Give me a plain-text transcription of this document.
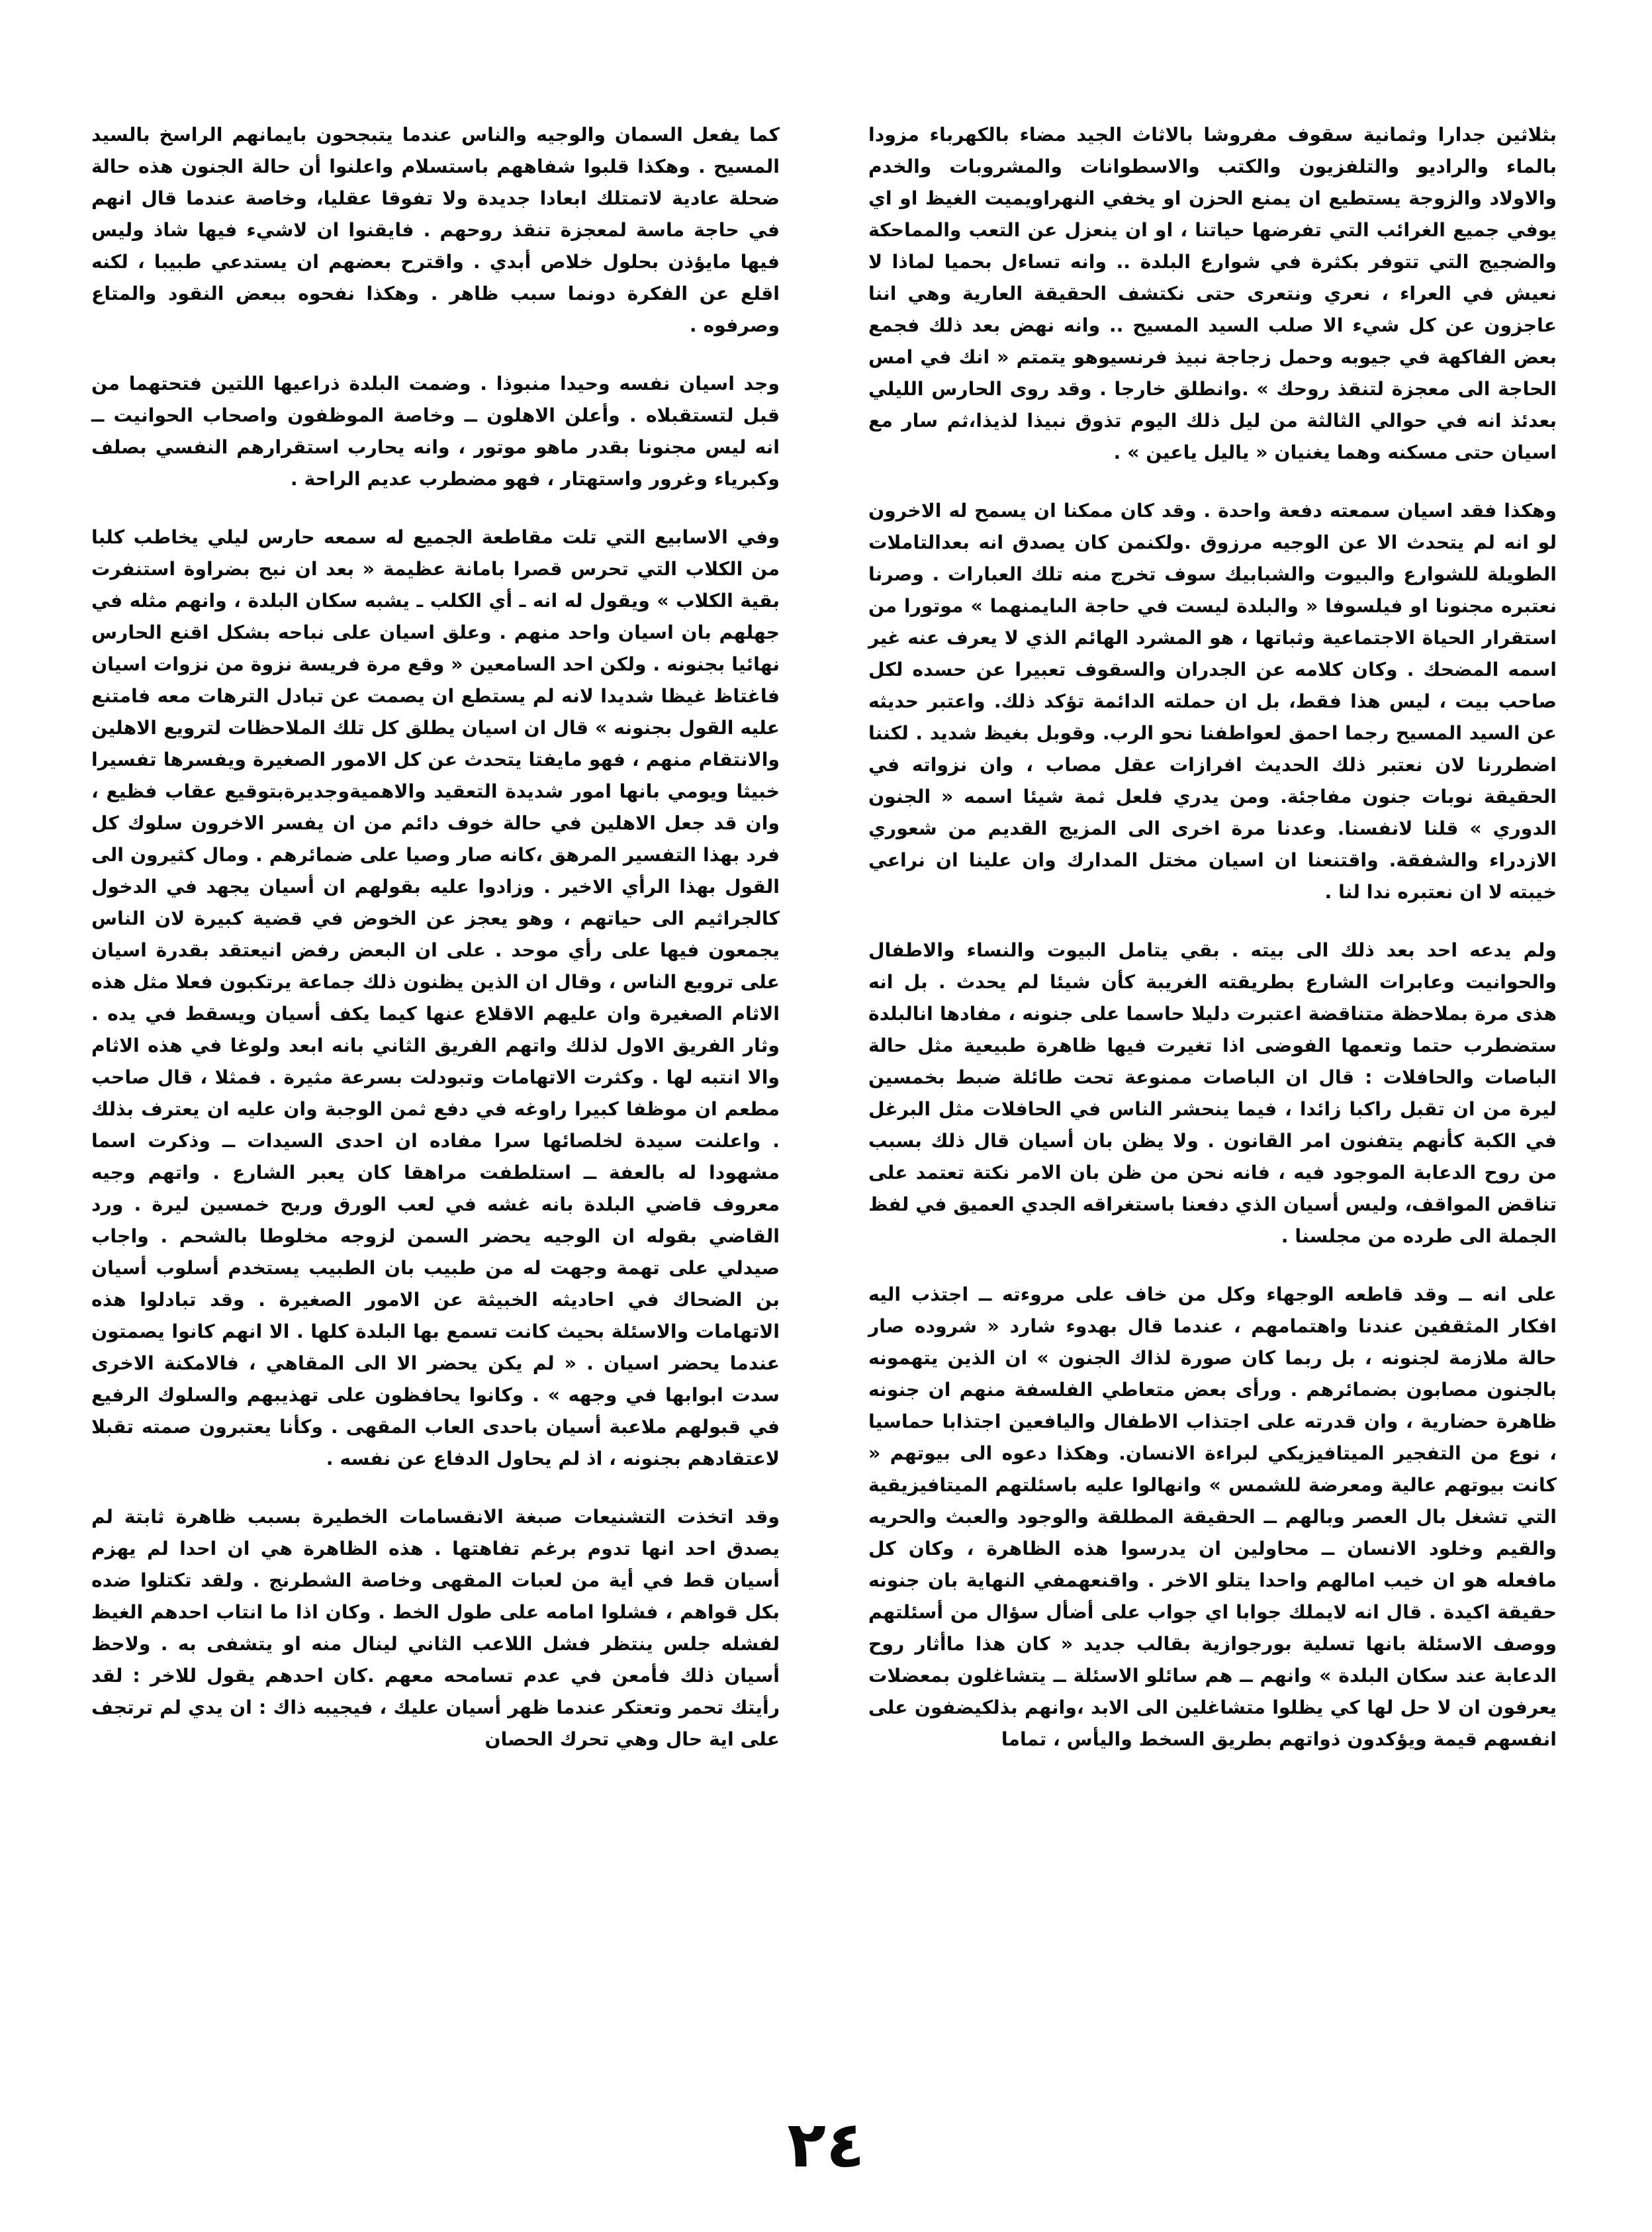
بثلاثين جدارا وثمانية سقوف مفروشا بالاثاث الجيد مضاء بالكهرباء مزودا بالماء والراديو والتلفزيون والكتب والاسطوانات والمشروبات والخدم والاولاد والزوجة يستطيع ان يمنع الحزن او يخفي النهراويميت الغيظ او اي يوفي جميع الغرائب التي تفرضها حياتنا ، او ان ينعزل عن التعب والمماحكة والضجيج التي تتوفر بكثرة في شوارع البلدة .. وانه تساءل بحميا لماذا لا نعيش في العراء ، نعري ونتعرى حتى نكتشف الحقيقة العارية وهي اننا عاجزون عن كل شيء الا صلب السيد المسيح .. وانه نهض بعد ذلك فجمع بعض الفاكهة في جيوبه وحمل زجاجة نبيذ فرنسيوهو يتمتم « انك في امس الحاجة الى معجزة لتنقذ روحك » .وانطلق خارجا . وقد روى الحارس الليلي بعدئذ انه في حوالي الثالثة من ليل ذلك اليوم تذوق نبيذا لذيذا،ثم سار مع اسيان حتى مسكنه وهما يغنيان « ياليل ياعين » .

وهكذا فقد اسيان سمعته دفعة واحدة . وقد كان ممكنا ان يسمح له الاخرون لو انه لم يتحدث الا عن الوجيه مرزوق .ولكنمن كان يصدق انه بعدالتاملات الطويلة للشوارع والبيوت والشبابيك سوف تخرج منه تلك العبارات . وصرنا نعتبره مجنونا او فيلسوفا « والبلدة ليست في حاجة الىايمنهما » موتورا من استقرار الحياة الاجتماعية وثباتها ، هو المشرد الهائم الذي لا يعرف عنه غير اسمه المضحك . وكان كلامه عن الجدران والسقوف تعبيرا عن حسده لكل صاحب بيت ، ليس هذا فقط، بل ان حملته الدائمة تؤكد ذلك. واعتبر حديثه عن السيد المسيح رجما احمق لعواطفنا نحو الرب. وقوبل بغيظ شديد . لكننا اضطررنا لان نعتبر ذلك الحديث افرازات عقل مصاب ، وان نزواته في الحقيقة نوبات جنون مفاجئة. ومن يدري فلعل ثمة شيئا اسمه « الجنون الدوري » قلنا لانفسنا. وعدنا مرة اخرى الى المزيج القديم من شعوري الازدراء والشفقة. واقتنعنا ان اسيان مختل المدارك وان علينا ان نراعي خيبته لا ان نعتبره ندا لنا .

ولم يدعه احد بعد ذلك الى بيته . بقي يتامل البيوت والنساء والاطفال والحوانيت وعابرات الشارع بطريقته الغريبة كأن شيئا لم يحدث . بل انه هذى مرة بملاحظة متناقضة اعتبرت دليلا حاسما على جنونه ، مفادها انالبلدة ستضطرب حتما وتعمها الفوضى اذا تغيرت فيها ظاهرة طبيعية مثل حالة الباصات والحافلات : قال ان الباصات ممنوعة تحت طائلة ضبط بخمسين ليرة من ان تقبل راكبا زائدا ، فيما ينحشر الناس في الحافلات مثل البرغل في الكبة كأنهم يتفنون امر القانون . ولا يظن بان أسيان قال ذلك بسبب من روح الدعابة الموجود فيه ، فانه نحن من ظن بان الامر نكتة تعتمد على تناقض المواقف، وليس أسيان الذي دفعنا باستغراقه الجدي العميق في لفظ الجملة الى طرده من مجلسنا .

على انه ــ وقد قاطعه الوجهاء وكل من خاف على مروءته ــ اجتذب اليه افكار المثقفين عندنا واهتمامهم ، عندما قال بهدوء شارد « شروده صار حالة ملازمة لجنونه ، بل ربما كان صورة لذاك الجنون » ان الذين يتهمونه بالجنون مصابون بضمائرهم . ورأى بعض متعاطي الفلسفة منهم ان جنونه ظاهرة حضارية ، وان قدرته على اجتذاب الاطفال واليافعين اجتذابا حماسيا ، نوع من التفجير الميتافيزيكي لبراءة الانسان. وهكذا دعوه الى بيوتهم « كانت بيوتهم عالية ومعرضة للشمس » وانهالوا عليه باسئلتهم الميتافيزيقية التي تشغل بال العصر وبالهم ــ الحقيقة المطلقة والوجود والعبث والحريه والقيم وخلود الانسان ــ محاولين ان يدرسوا هذه الظاهرة ، وكان كل مافعله هو ان خيب امالهم واحدا يتلو الاخر . واقنعهمفي النهاية بان جنونه حقيقة اكيدة . قال انه لايملك جوابا اي جواب على أضأل سؤال من أسئلتهم ووصف الاسئلة بانها تسلية بورجوازية بقالب جديد « كان هذا ماأثار روح الدعابة عند سكان البلدة » وانهم ــ هم سائلو الاسئلة ــ يتشاغلون بمعضلات يعرفون ان لا حل لها كي يظلوا متشاغلين الى الابد ،وانهم بذلكيضفون على انفسهم قيمة ويؤكدون ذواتهم بطريق السخط واليأس ، تماما

كما يفعل السمان والوجيه والناس عندما يتبجحون بايمانهم الراسخ بالسيد المسيح . وهكذا قلبوا شفاههم باستسلام واعلنوا أن حالة الجنون هذه حالة ضحلة عادية لاتمتلك ابعادا جديدة ولا تفوقا عقليا، وخاصة عندما قال انهم في حاجة ماسة لمعجزة تنقذ روحهم . فايقنوا ان لاشيء فيها شاذ وليس فيها مايؤذن بحلول خلاص أبدي . واقترح بعضهم ان يستدعي طبيبا ، لكنه اقلع عن الفكرة دونما سبب ظاهر . وهكذا نفحوه ببعض النقود والمتاع وصرفوه .

وجد اسيان نفسه وحيدا منبوذا . وضمت البلدة ذراعيها اللتين فتحتهما من قبل لتستقبلاه . وأعلن الاهلون ــ وخاصة الموظفون واصحاب الحوانيت ــ انه ليس مجنونا بقدر ماهو موتور ، وانه يحارب استقرارهم النفسي بصلف وكبرياء وغرور واستهتار ، فهو مضطرب عديم الراحة .

وفي الاسابيع التي تلت مقاطعة الجميع له سمعه حارس ليلي يخاطب كلبا من الكلاب التي تحرس قصرا بامانة عظيمة « بعد ان نبح بضراوة استنفرت بقية الكلاب » ويقول له انه ـ أي الكلب ـ يشبه سكان البلدة ، وانهم مثله في جهلهم بان اسيان واحد منهم . وعلق اسيان على نباحه بشكل اقنع الحارس نهائيا بجنونه . ولكن احد السامعين « وقع مرة فريسة نزوة من نزوات اسيان فاغتاظ غيظا شديدا لانه لم يستطع ان يصمت عن تبادل الترهات معه فامتنع عليه القول بجنونه » قال ان اسيان يطلق كل تلك الملاحظات لترويع الاهلين والانتقام منهم ، فهو مايفتا يتحدث عن كل الامور الصغيرة ويفسرها تفسيرا خبيثا ويومي بانها امور شديدة التعقيد والاهميةوجديرةبتوقيع عقاب فظيع ، وان قد جعل الاهلين في حالة خوف دائم من ان يفسر الاخرون سلوك كل فرد بهذا التفسير المرهق ،كانه صار وصيا على ضمائرهم . ومال كثيرون الى القول بهذا الرأي الاخير . وزادوا عليه بقولهم ان أسيان يجهد في الدخول كالجراثيم الى حياتهم ، وهو يعجز عن الخوض في قضية كبيرة لان الناس يجمعون فيها على رأي موحد . على ان البعض رفض انيعتقد بقدرة اسيان على ترويع الناس ، وقال ان الذين يظنون ذلك جماعة يرتكبون فعلا مثل هذه الاثام الصغيرة وان عليهم الاقلاع عنها كيما يكف أسيان ويسقط في يده . وثار الفريق الاول لذلك واتهم الفريق الثاني بانه ابعد ولوغا في هذه الاثام والا انتبه لها . وكثرت الاتهامات وتبودلت بسرعة مثيرة . فمثلا ، قال صاحب مطعم ان موظفا كبيرا راوغه في دفع ثمن الوجبة وان عليه ان يعترف بذلك . واعلنت سيدة لخلصائها سرا مفاده ان احدى السيدات ــ وذكرت اسما مشهودا له بالعفة ــ استلطفت مراهقا كان يعبر الشارع . واتهم وجيه معروف قاضي البلدة بانه غشه في لعب الورق وربح خمسين ليرة . ورد القاضي بقوله ان الوجيه يحضر السمن لزوجه مخلوطا بالشحم . واجاب صيدلي على تهمة وجهت له من طبيب بان الطبيب يستخدم أسلوب أسيان بن الضحاك في احاديثه الخبيثة عن الامور الصغيرة . وقد تبادلوا هذه الاتهامات والاسئلة بحيث كانت تسمع بها البلدة كلها . الا انهم كانوا يصمتون عندما يحضر اسيان . « لم يكن يحضر الا الى المقاهي ، فالامكنة الاخرى سدت ابوابها في وجهه » . وكانوا يحافظون على تهذيبهم والسلوك الرفيع في قبولهم ملاعبة أسيان باحدى العاب المقهى . وكأنا يعتبرون صمته تقبلا لاعتقادهم بجنونه ، اذ لم يحاول الدفاع عن نفسه .

وقد اتخذت التشنيعات صبغة الانقسامات الخطيرة بسبب ظاهرة ثابتة لم يصدق احد انها تدوم برغم تفاهتها . هذه الظاهرة هي ان احدا لم يهزم أسيان قط في أية من لعبات المقهى وخاصة الشطرنج . ولقد تكتلوا ضده بكل قواهم ، فشلوا امامه على طول الخط . وكان اذا ما انتاب احدهم الغيظ لفشله جلس ينتظر فشل اللاعب الثاني لينال منه او يتشفى به . ولاحظ أسيان ذلك فأمعن في عدم تسامحه معهم .كان احدهم يقول للاخر : لقد رأيتك تحمر وتعتكر عندما ظهر أسيان عليك ، فيجيبه ذاك : ان يدي لم ترتجف على اية حال وهي تحرك الحصان

٢٤
